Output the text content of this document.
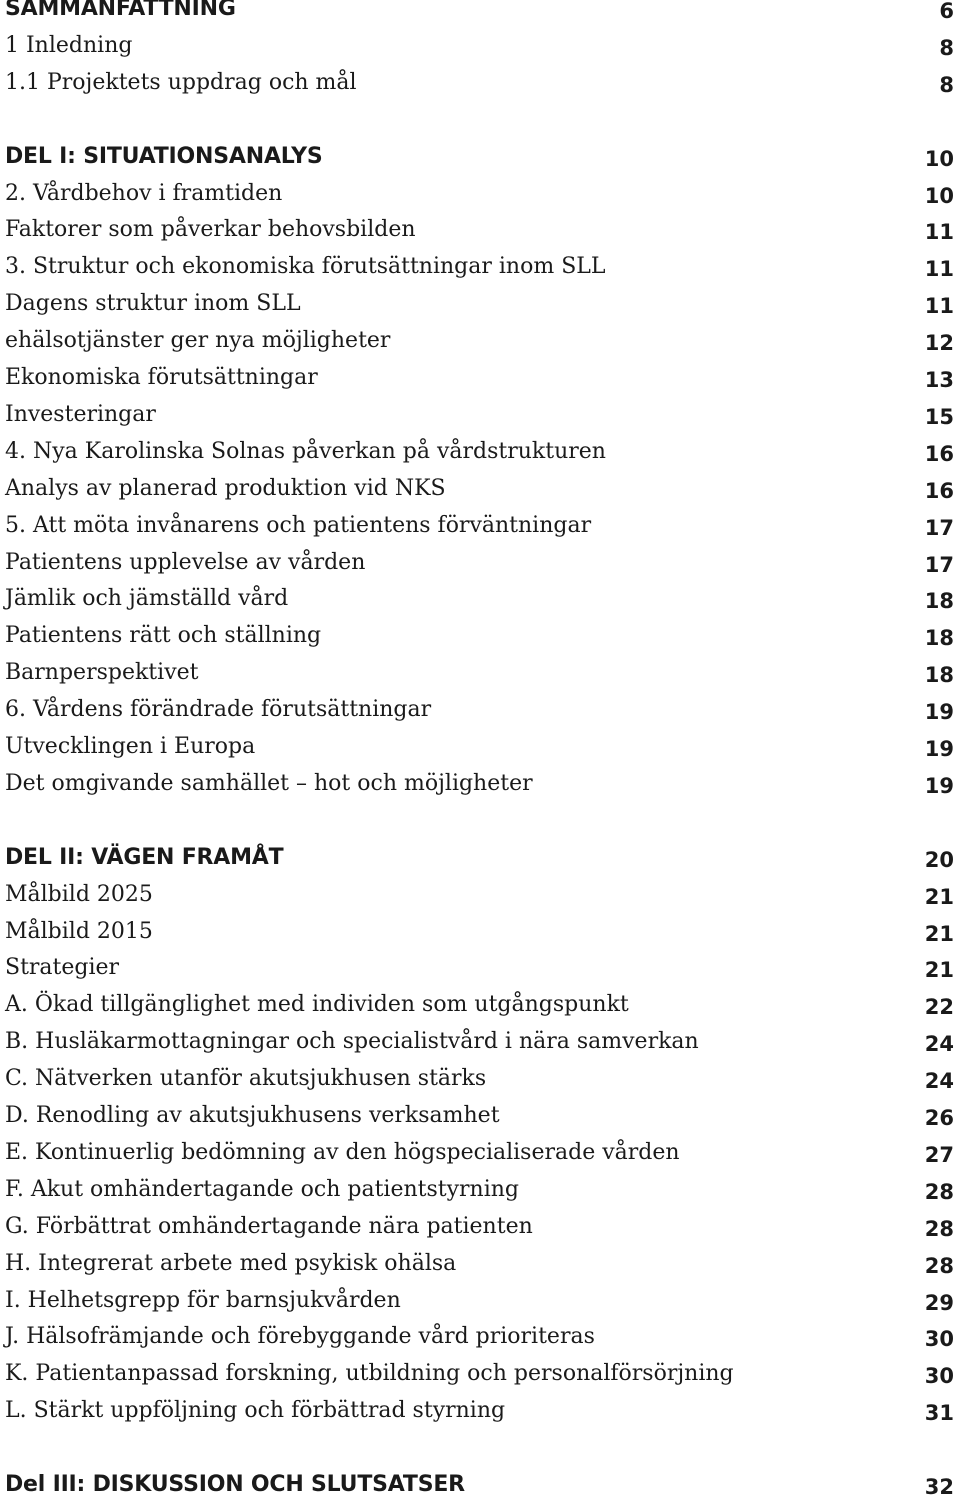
SAMMANFATTNING	6
1 Inledning	8
1.1 Projektets uppdrag och mål	8
DEL I: SITUATIONSANALYS	10
2. Vårdbehov i framtiden	10
Faktorer som påverkar behovsbilden	11
3. Struktur och ekonomiska förutsättningar inom SLL	11
Dagens struktur inom SLL	11
ehälsotjänster ger nya möjligheter	12
Ekonomiska förutsättningar	13
Investeringar	15
4. Nya Karolinska Solnas påverkan på vårdstrukturen	16
Analys av planerad produktion vid NKS	16
5. Att möta invånarens och patientens förväntningar	17
Patientens upplevelse av vården	17
Jämlik och jämställd vård	18
Patientens rätt och ställning	18
Barnperspektivet	18
6. Vårdens förändrade förutsättningar	19
Utvecklingen i Europa	19
Det omgivande samhället – hot och möjligheter	19
DEL II: VÄGEN FRAMÅT	20
Målbild 2025	21
Målbild 2015	21
Strategier	21
A. Ökad tillgänglighet med individen som utgångspunkt	22
B. Husläkarmottagningar och specialistvård i nära samverkan	24
C. Nätverken utanför akutsjukhusen stärks	24
D. Renodling av akutsjukhusens verksamhet	26
E. Kontinuerlig bedömning av den högspecialiserade vården	27
F. Akut omhändertagande och patientstyrning	28
G. Förbättrat omhändertagande nära patienten	28
H. Integrerat arbete med psykisk ohälsa	28
I. Helhetsgrepp för barnsjukvården	29
J. Hälsofrämjande och förebyggande vård prioriteras	30
K. Patientanpassad forskning, utbildning och personalförsörjning	30
L. Stärkt uppföljning och förbättrad styrning	31
Del III: DISKUSSION OCH SLUTSATSER	32
